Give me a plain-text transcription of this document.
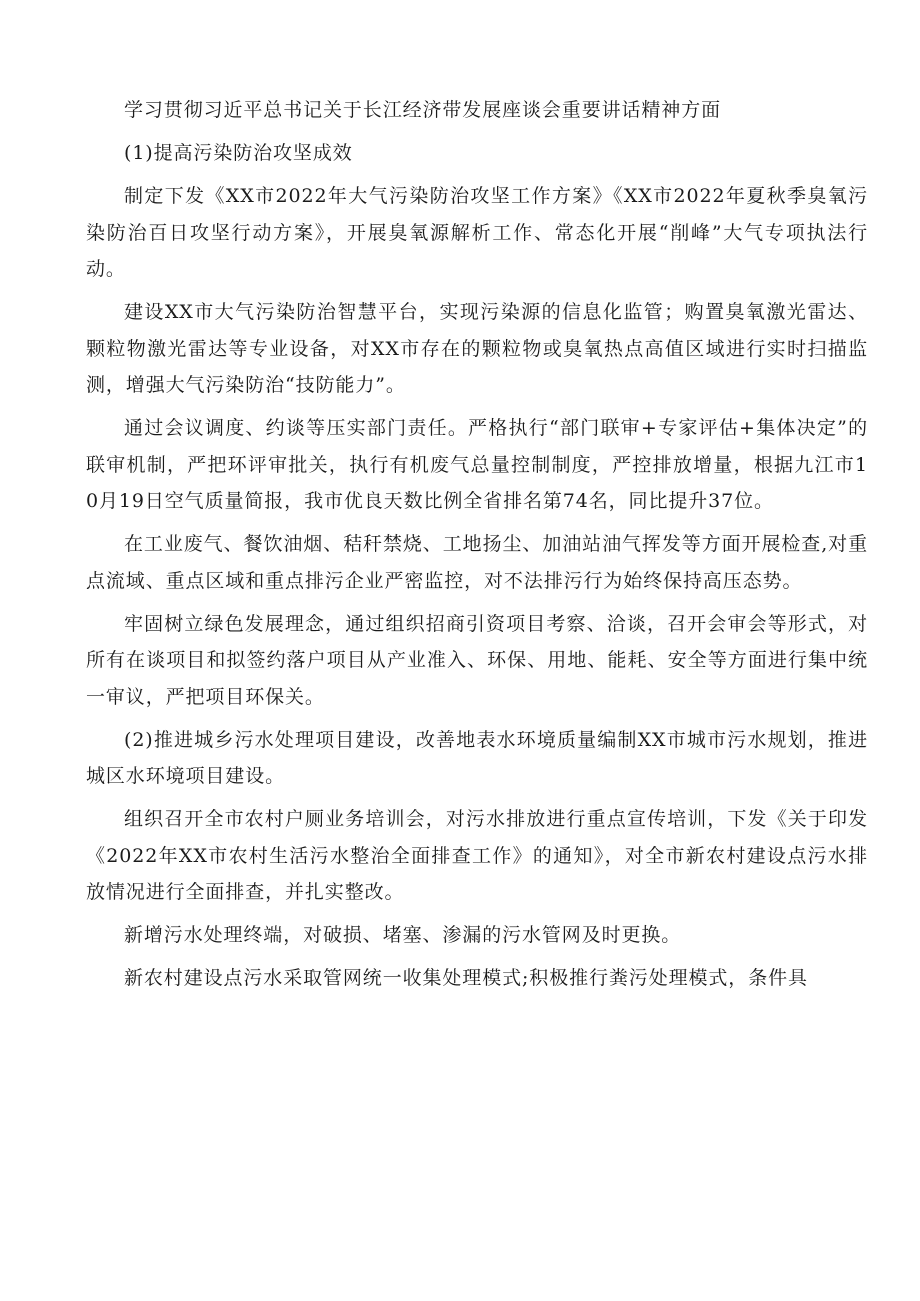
学习贯彻习近平总书记关于长江经济带发展座谈会重要讲话精神方面

(1)提高污染防治攻坚成效

制定下发《XX市2022年大气污染防治攻坚工作方案》《XX市2022年夏秋季臭氧污染防治百日攻坚行动方案》，开展臭氧源解析工作、常态化开展“削峰”大气专项执法行动。

建设XX市大气污染防治智慧平台，实现污染源的信息化监管；购置臭氧激光雷达、颗粒物激光雷达等专业设备，对XX市存在的颗粒物或臭氧热点高值区域进行实时扫描监测，增强大气污染防治“技防能力”。

通过会议调度、约谈等压实部门责任。严格执行“部门联审+专家评估+集体决定”的联审机制，严把环评审批关，执行有机废气总量控制制度，严控排放增量，根据九江市10月19日空气质量简报，我市优良天数比例全省排名第74名，同比提升37位。

在工业废气、餐饮油烟、秸秆禁烧、工地扬尘、加油站油气挥发等方面开展检查,对重点流域、重点区域和重点排污企业严密监控，对不法排污行为始终保持高压态势。

牢固树立绿色发展理念，通过组织招商引资项目考察、洽谈，召开会审会等形式，对所有在谈项目和拟签约落户项目从产业准入、环保、用地、能耗、安全等方面进行集中统一审议，严把项目环保关。

(2)推进城乡污水处理项目建设，改善地表水环境质量编制XX市城市污水规划，推进城区水环境项目建设。

组织召开全市农村户厕业务培训会，对污水排放进行重点宣传培训，下发《关于印发《2022年XX市农村生活污水整治全面排查工作》的通知》，对全市新农村建设点污水排放情况进行全面排查，并扎实整改。

新增污水处理终端，对破损、堵塞、渗漏的污水管网及时更换。

新农村建设点污水采取管网统一收集处理模式;积极推行粪污处理模式，条件具
